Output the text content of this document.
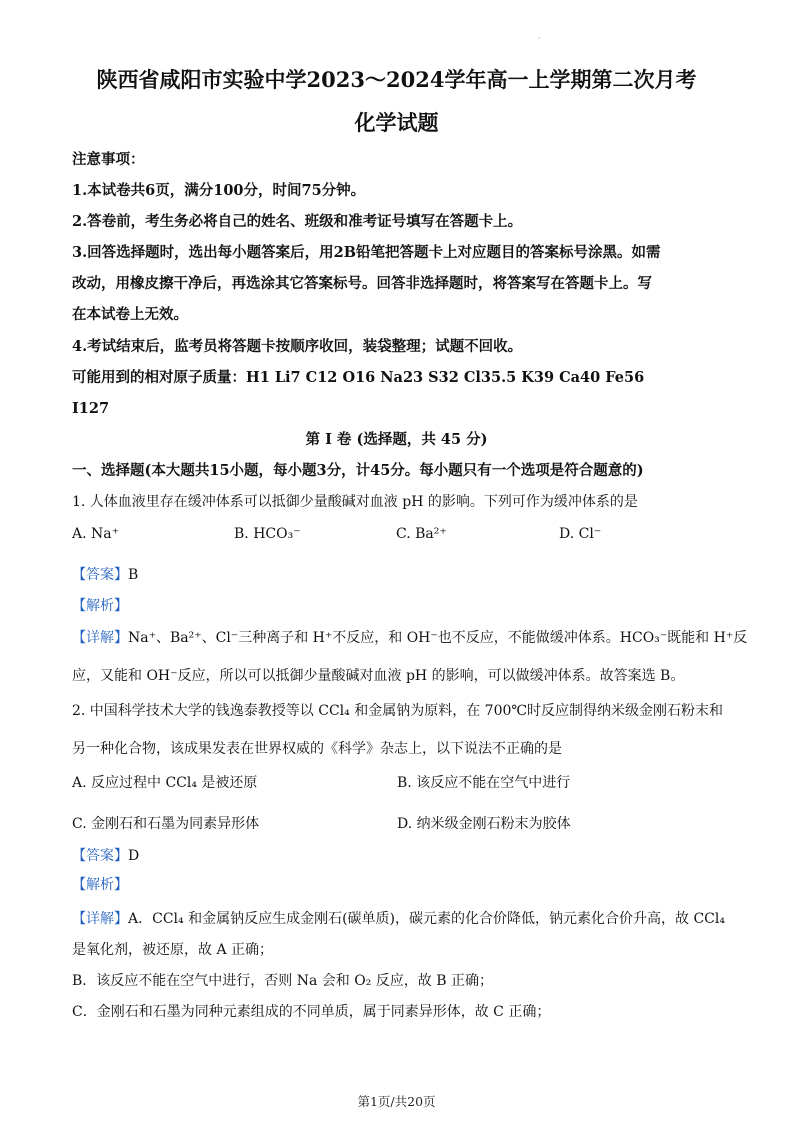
·
陕西省咸阳市实验中学2023～2024学年高一上学期第二次月考
化学试题
注意事项：
1.本试卷共6页，满分100分，时间75分钟。
2.答卷前，考生务必将自己的姓名、班级和准考证号填写在答题卡上。
3.回答选择题时，选出每小题答案后，用2B铅笔把答题卡上对应题目的答案标号涂黑。如需
改动，用橡皮擦干净后，再选涂其它答案标号。回答非选择题时，将答案写在答题卡上。写
在本试卷上无效。
4.考试结束后，监考员将答题卡按顺序收回，装袋整理；试题不回收。
可能用到的相对原子质量：H1 Li7 C12 O16 Na23 S32 Cl35.5 K39 Ca40 Fe56
I127
第 I 卷 (选择题，共 45 分)
一、选择题(本大题共15小题，每小题3分，计45分。每小题只有一个选项是符合题意的)
1. 人体血液里存在缓冲体系可以抵御少量酸碱对血液 pH 的影响。下列可作为缓冲体系的是
A. Na⁺	B. HCO₃⁻	C. Ba²⁺	D. Cl⁻
【答案】B
【解析】
【详解】Na⁺、Ba²⁺、Cl⁻三种离子和 H⁺不反应，和 OH⁻也不反应，不能做缓冲体系。HCO₃⁻既能和 H⁺反
应，又能和 OH⁻反应，所以可以抵御少量酸碱对血液 pH 的影响，可以做缓冲体系。故答案选 B。
2. 中国科学技术大学的钱逸泰教授等以 CCl₄ 和金属钠为原料，在 700℃时反应制得纳米级金刚石粉末和
另一种化合物，该成果发表在世界权威的《科学》杂志上，以下说法不正确的是
A. 反应过程中 CCl₄ 是被还原	B. 该反应不能在空气中进行
C. 金刚石和石墨为同素异形体	D. 纳米级金刚石粉末为胶体
【答案】D
【解析】
【详解】A．CCl₄ 和金属钠反应生成金刚石(碳单质)，碳元素的化合价降低，钠元素化合价升高，故 CCl₄
是氧化剂，被还原，故 A 正确；
B．该反应不能在空气中进行，否则 Na 会和 O₂ 反应，故 B 正确；
C．金刚石和石墨为同种元素组成的不同单质，属于同素异形体，故 C 正确；
第1页/共20页
